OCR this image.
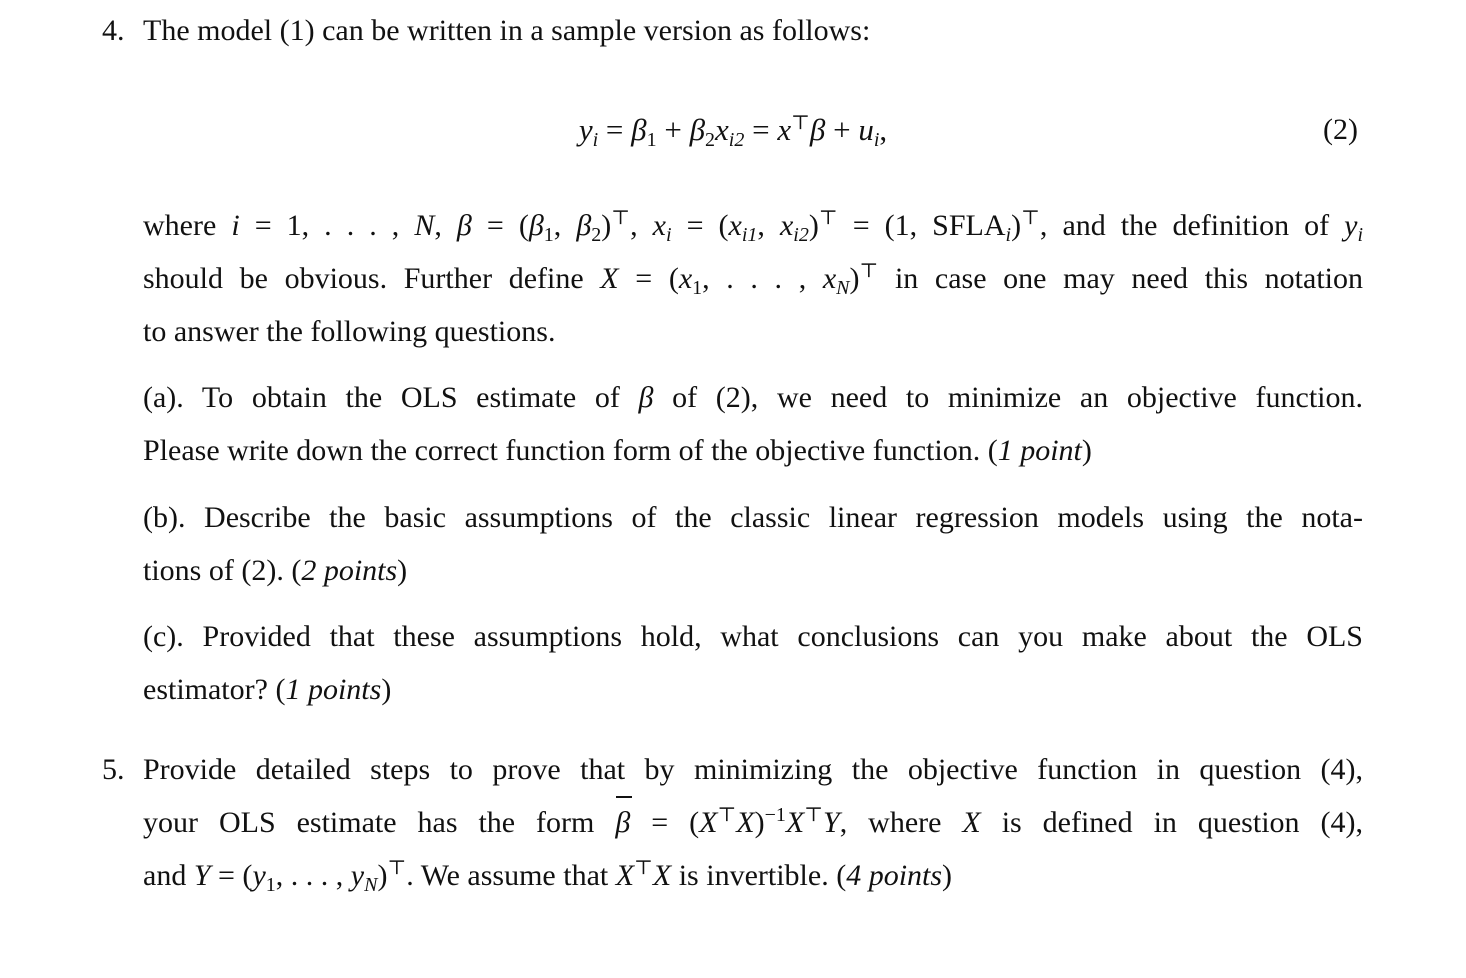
4. The model (1) can be written in a sample version as follows:
$y_i = \beta_1 + \beta_2x_{i2} = x^⊤\beta + u_i$,	(2)
where i = 1, . . . , N, $\beta = (\beta_1$, $\beta_2)^⊤$, $x_i = (x_{i1}$, $x_{i2})^⊤ = (1$, $SFLA_i)^⊤$, and the definition of $y_i$
should be obvious. Further define $X = (x_1$, . . . , $x_N)^⊤$ in case one may need this notation
to answer the following questions.
(a). To obtain the OLS estimate of β of (2), we need to minimize an objective function.
Please write down the correct function form of the objective function. (1 point)
(b). Describe the basic assumptions of the classic linear regression models using the nota-
tions of (2). (2 points)
(c). Provided that these assumptions hold, what conclusions can you make about the OLS
estimator? (1 points)
5. Provide detailed steps to prove that by minimizing the objective function in question (4),
your OLS estimate has the form $\beta = (X^⊤X)^{-1}X^⊤Y$, where X is defined in question (4),
and $Y = (y_1$, . . . , $y_N)^⊤$. We assume that X⊤X is invertible. (4 points)
